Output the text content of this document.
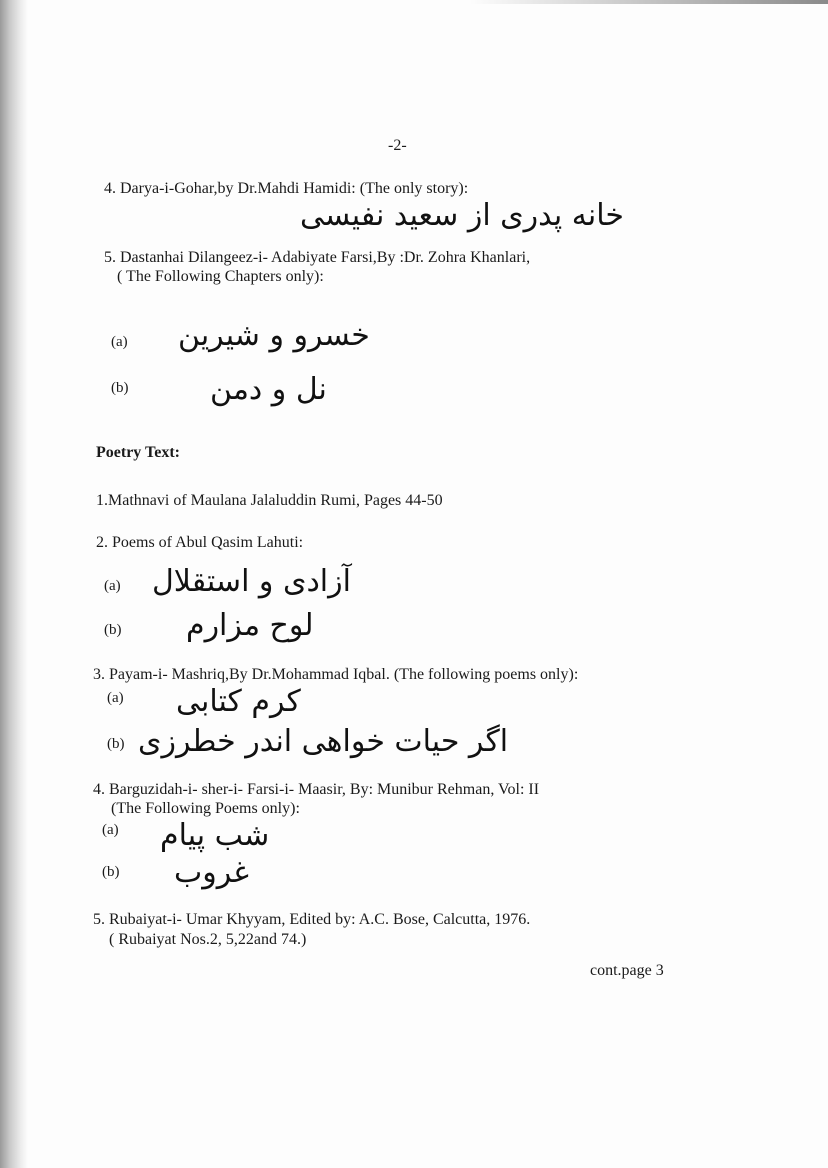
-2-
4. Darya-i-Gohar,by Dr.Mahdi Hamidi: (The only story):
خانه پدری از سعید نفیسی
5. Dastanhai Dilangeez-i- Adabiyate Farsi,By :Dr. Zohra Khanlari,
( The Following Chapters only):
(a) خسرو و شیرین
(b)	نل و دمن
Poetry Text:
1.Mathnavi of Maulana Jalaluddin Rumi, Pages 44-50
2. Poems of Abul Qasim Lahuti:
(a) آزادی و استقلال
(b) لوح مزارم
3. Payam-i- Mashriq,By Dr.Mohammad Iqbal. (The following poems only):
(a) کرم کتابی
(b) اگر حیات خواهی اندر خطرزی
4. Barguzidah-i- sher-i- Farsi-i- Maasir, By: Munibur Rehman, Vol: II
(The Following Poems only):
(a) شب پیام
(b) غروب
5. Rubaiyat-i- Umar Khyyam, Edited by: A.C. Bose, Calcutta, 1976.
( Rubaiyat Nos.2, 5,22and 74.)
cont.page 3
